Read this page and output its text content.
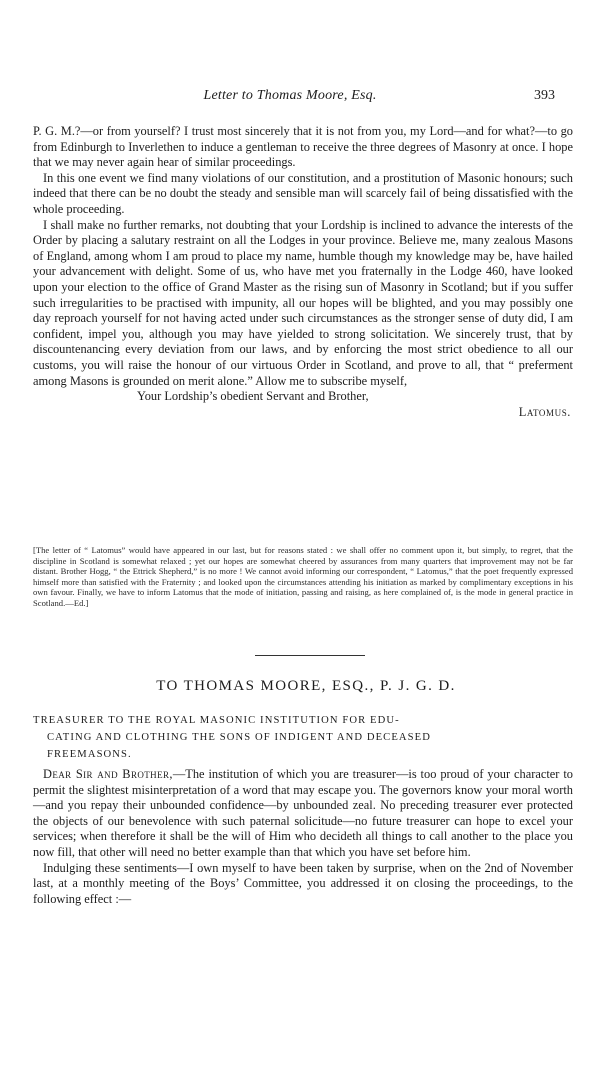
Letter to Thomas Moore, Esq.	393

P. G. M.?—or from yourself? I trust most sincerely that it is not from you, my Lord—and for what?—to go from Edinburgh to Inverlethen to induce a gentleman to receive the three degrees of Masonry at once. I hope that we may never again hear of similar proceedings.

In this one event we find many violations of our constitution, and a prostitution of Masonic honours; such indeed that there can be no doubt the steady and sensible man will scarcely fail of being dissatisfied with the whole proceeding.

I shall make no further remarks, not doubting that your Lordship is inclined to advance the interests of the Order by placing a salutary restraint on all the Lodges in your province. Believe me, many zealous Masons of England, among whom I am proud to place my name, humble though my knowledge may be, have hailed your advancement with delight. Some of us, who have met you fraternally in the Lodge 460, have looked upon your election to the office of Grand Master as the rising sun of Masonry in Scotland; but if you suffer such irregularities to be practised with impunity, all our hopes will be blighted, and you may possibly one day reproach yourself for not having acted under such circumstances as the stronger sense of duty did, I am confident, impel you, although you may have yielded to strong solicitation. We sincerely trust, that by discountenancing every deviation from our laws, and by enforcing the most strict obedience to all our customs, you will raise the honour of our virtuous Order in Scotland, and prove to all, that “ preferment among Masons is grounded on merit alone.” Allow me to subscribe myself,

Your Lordship’s obedient Servant and Brother,

Latomus.

[The letter of “ Latomus” would have appeared in our last, but for reasons stated : we shall offer no comment upon it, but simply, to regret, that the discipline in Scotland is somewhat relaxed ; yet our hopes are somewhat cheered by assurances from many quarters that improvement may not be far distant. Brother Hogg, “ the Ettrick Shepherd,” is no more ! We cannot avoid informing our correspondent, “ Latomus,” that the poet frequently expressed himself more than satisfied with the Fraternity ; and looked upon the circumstances attending his initiation as marked by complimentary exceptions in his own favour. Finally, we have to inform Latomus that the mode of initiation, passing and raising, as here complained of, is the mode in general practice in Scotland.—Ed.]

TO THOMAS MOORE, ESQ., P. J. G. D.
TREASURER TO THE ROYAL MASONIC INSTITUTION FOR EDU-
CATING AND CLOTHING THE SONS OF INDIGENT AND DECEASED
FREEMASONS.

Dear Sir and Brother,—The institution of which you are treasurer—is too proud of your character to permit the slightest misinterpretation of a word that may escape you. The governors know your moral worth—and you repay their unbounded confidence—by unbounded zeal. No preceding treasurer ever protected the objects of our benevolence with such paternal solicitude—no future treasurer can hope to excel your services; when therefore it shall be the will of Him who decideth all things to call another to the place you now fill, that other will need no better example than that which you have set before him.

Indulging these sentiments—I own myself to have been taken by surprise, when on the 2nd of November last, at a monthly meeting of the Boys’ Committee, you addressed it on closing the proceedings, to the following effect :—
